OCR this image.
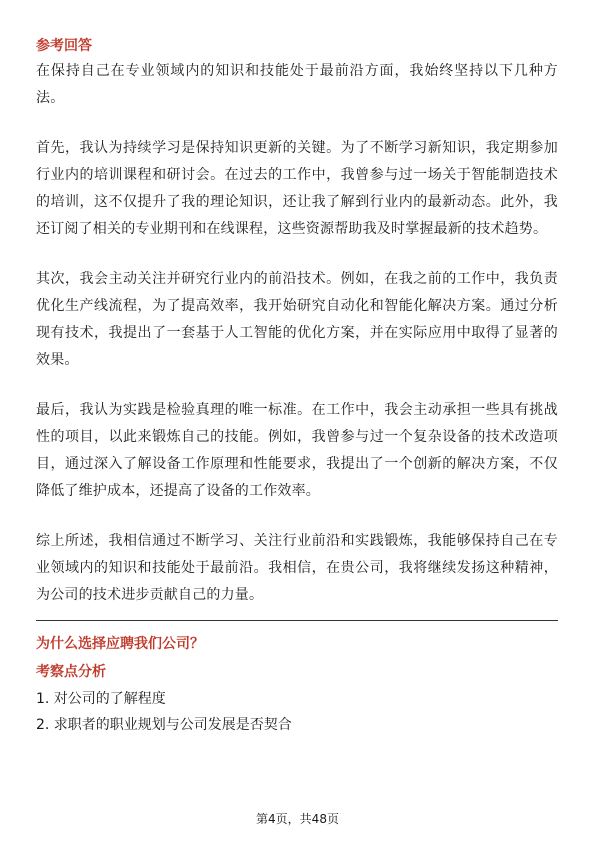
参考回答

在保持自己在专业领域内的知识和技能处于最前沿方面，我始终坚持以下几种方法。

首先，我认为持续学习是保持知识更新的关键。为了不断学习新知识，我定期参加行业内的培训课程和研讨会。在过去的工作中，我曾参与过一场关于智能制造技术的培训，这不仅提升了我的理论知识，还让我了解到行业内的最新动态。此外，我还订阅了相关的专业期刊和在线课程，这些资源帮助我及时掌握最新的技术趋势。

其次，我会主动关注并研究行业内的前沿技术。例如，在我之前的工作中，我负责优化生产线流程，为了提高效率，我开始研究自动化和智能化解决方案。通过分析现有技术，我提出了一套基于人工智能的优化方案，并在实际应用中取得了显著的效果。

最后，我认为实践是检验真理的唯一标准。在工作中，我会主动承担一些具有挑战性的项目，以此来锻炼自己的技能。例如，我曾参与过一个复杂设备的技术改造项目，通过深入了解设备工作原理和性能要求，我提出了一个创新的解决方案，不仅降低了维护成本，还提高了设备的工作效率。

综上所述，我相信通过不断学习、关注行业前沿和实践锻炼，我能够保持自己在专业领域内的知识和技能处于最前沿。我相信，在贵公司，我将继续发扬这种精神，为公司的技术进步贡献自己的力量。

为什么选择应聘我们公司？
考察点分析
1. 对公司的了解程度
2. 求职者的职业规划与公司发展是否契合
第4页，共48页
